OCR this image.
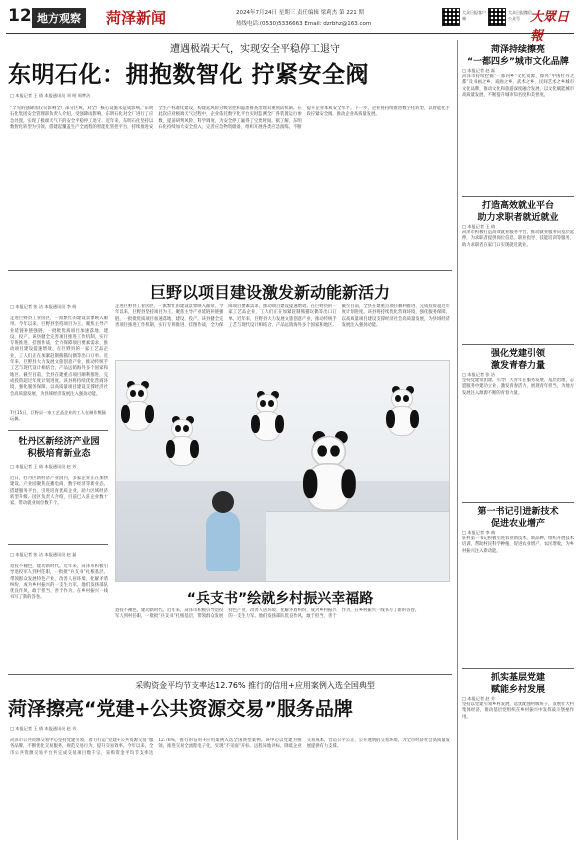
12 地方观察	菏泽新闻	2024年7月24日 星期三 责任编辑 梁莉杰 第 221 期
热线电话:(0530)5336663 Email: dzrbhz@163.com
大众日报客户端
大众日报微信公众号 大眾日報
遭遇极端天气，实现安全平稳停工退守
东明石化：拥抱数智化 拧紧安全阀
□ 本报记者 王 倩 本报通讯员 刘 明 周梦洁
“罕见的强降雨仅仅影响全厂部分区域，对全厂核心设施未造成影响。”东明石化集团安全管理部负责人介绍，受强降雨影响，东明石化对全厂进行了应急处置，实现了极端天气下的安全平稳停工退守。近年来，东明石化坚持以数智化转型为引领，搭建起覆盖生产全流程的智能化管控平台，持续推进安全生产标准化建设，构建起风险分级管控和隐患排查治理双重预防机制。在此次应对极端天气过程中，企业依托数字化平台实时监测全厂各装置运行参数，提前研判风险、科学调度，为安全停工赢得了宝贵时间。据了解，东明石化持续加大安全投入，完善应急物资储备，组织开展各类应急演练，不断提升企业本质安全水平。下一步，企业将持续推进数字化转型，以智能化手段拧紧安全阀，推动企业高质量发展。
巨野以项目建设激发新动能新活力
□ 本报记者 张 洁 本报通讯员 李 萌
走进巨野县工业园区，一派繁忙的建设景象映入眼帘。今年以来，巨野县坚持项目为王，聚焦主导产业延链补链强链，一批批优质项目加速落地、建设、投产。该县健全完善项目推进工作机制，实行专班推进、挂图作战，全力保障项目要素需求，推动项目建设提速增效。在巨野县的一家工艺品企业，工人们正在加紧赶制熊猫玩偶等出口订单。近年来，巨野县大力发展文旅创意产业，推动传统手工艺与现代设计相结合，产品远销海外多个国家和地区。截至目前，全县在建重点项目顺利推进，完成投资超过年度计划进度。该县将持续优化营商环境，强化服务保障，以高质量项目建设支撑经济社会高质量发展，为县域经济发展注入强劲动能。
走进巨野县工业园区，一派繁忙的建设景象映入眼帘。今年以来，巨野县坚持项目为王，聚焦主导产业延链补链强链，一批批优质项目加速落地、建设、投产。该县健全完善项目推进工作机制，实行专班推进、挂图作战，全力保障项目要素需求，推动项目建设提速增效。在巨野县的一家工艺品企业，工人们正在加紧赶制熊猫玩偶等出口订单。近年来，巨野县大力发展文旅创意产业，推动传统手工艺与现代设计相结合，产品远销海外多个国家和地区。截至目前，全县在建重点项目顺利推进，完成投资超过年度计划进度。该县将持续优化营商环境，强化服务保障，以高质量项目建设支撑经济社会高质量发展，为县域经济发展注入强劲动能。
7月15日，巨野县一家工艺品企业的工人在制作熊猫玩偶。
牡丹区新经济产业园
积极培育新业态
□ 本报记者 王 倩 本报通讯员 赵 芳
近日，牡丹区新经济产业园内，多家企业正在加快建设。产业园聚焦直播电商、数字经济等新业态，搭建服务平台，引进培育优质企业，助力区域经济转型升级。园区负责人介绍，目前已入驻企业数十家，带动就业岗位数千个。
“兵支书”绘就乡村振兴幸福路
□ 本报记者 张 洁 本报通讯员 赵 磊
退役不褪色，建功新时代。近年来，菏泽市积极引导退役军人到村任职，一批批“兵支书”扎根基层，带领群众发展特色产业、改善人居环境、化解矛盾纠纷，成为乡村振兴的一支生力军。他们发扬部队优良作风，敢于担当、善于作为，在乡村振兴一线书写了新的答卷。
退役不褪色，建功新时代。近年来，菏泽市积极引导退役军人到村任职，一批批“兵支书”扎根基层，带领群众发展特色产业、改善人居环境、化解矛盾纠纷，成为乡村振兴的一支生力军。他们发扬部队优良作风，敢于担当、善于作为，在乡村振兴一线书写了新的答卷。
采购资金平均节支率达12.76% 推行的信用+应用案例入选全国典型
菏泽擦亮“党建+公共资源交易”服务品牌
□ 本报记者 王 倩 本报通讯员 赵 芳
菏泽市公共资源交易中心坚持党建引领，着力打造“党建+公共资源交易”服务品牌，不断优化交易服务，规范交易行为，提升交易效率。今年以来，全市公共资源交易平台共完成交易项目数千宗，采购资金平均节支率达12.76%，推行的信用+应用案例入选全国典型案例。该中心以党建为统领，推进交易全流程电子化，实现“不见面”开标、远程异地评标，降低企业交易成本，营造公平公正、公开透明的交易环境，为全市经济社会高质量发展提供有力支撑。
菏泽持续擦亮
“一都四乡”城市文化品牌
□ 本报记者 赵 磊
菏泽市持续挖掘“一都四乡”文化资源，擦亮“中国牡丹之都”及书画之乡、戏曲之乡、武术之乡、民间艺术之乡城市文化品牌，推动文化和旅游深度融合发展，以文化赋能城市高质量发展，不断提升城市知名度和美誉度。
打造高效就业平台
助力求职者就近就业
□ 本报记者 王 倩
菏泽市积极打造高效就业服务平台，推动就业服务向基层延伸，为求职者提供岗位信息、职业指导、技能培训等服务，助力求职者在家门口实现就近就业。
强化党建引领
激发青春力量
□ 本报记者 张 洁
坚持党建带团建，引导广大青年在服务发展、基层治理、志愿服务中建功立业，激发青春活力，展现青年担当，为地方发展注入源源不断的青春力量。
第一书记引进新技术
促进农业增产
□ 本报记者 李 萌
驻村第一书记积极引进农业新技术、新品种，组织开展技术培训，帮助村民科学种植，促进农业增产、农民增收，为乡村振兴注入新动能。
抓实基层党建
赋能乡村发展
□ 本报记者 赵 芳
坚持以党建引领乡村发展，选优配强村级班子，发展壮大村集体经济，推动基层党组织在乡村振兴中发挥战斗堡垒作用。
